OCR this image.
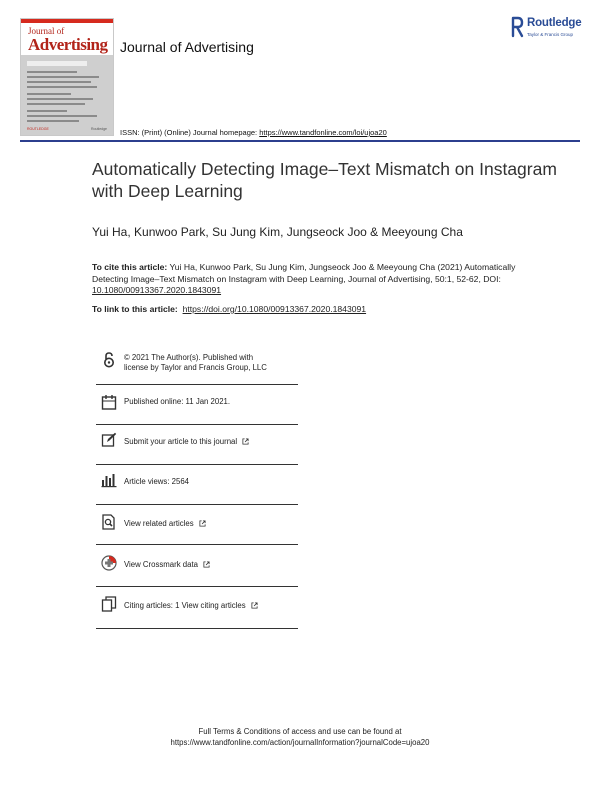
Journal of
Advertising
ROUTLEDGE	Routledge
Journal of Advertising
Routledge
Taylor & Francis Group
ISSN: (Print) (Online) Journal homepage: https://www.tandfonline.com/loi/ujoa20
Automatically Detecting Image–Text Mismatch on Instagram with Deep Learning
Yui Ha, Kunwoo Park, Su Jung Kim, Jungseock Joo & Meeyoung Cha
To cite this article: Yui Ha, Kunwoo Park, Su Jung Kim, Jungseock Joo & Meeyoung Cha (2021) Automatically Detecting Image–Text Mismatch on Instagram with Deep Learning, Journal of Advertising, 50:1, 52-62, DOI: 10.1080/00913367.2020.1843091
To link to this article: https://doi.org/10.1080/00913367.2020.1843091
© 2021 The Author(s). Published with
license by Taylor and Francis Group, LLC
Published online: 11 Jan 2021.
Submit your article to this journal
Article views: 2564
View related articles
View Crossmark data
Citing articles: 1 View citing articles
Full Terms & Conditions of access and use can be found at
https://www.tandfonline.com/action/journalInformation?journalCode=ujoa20
